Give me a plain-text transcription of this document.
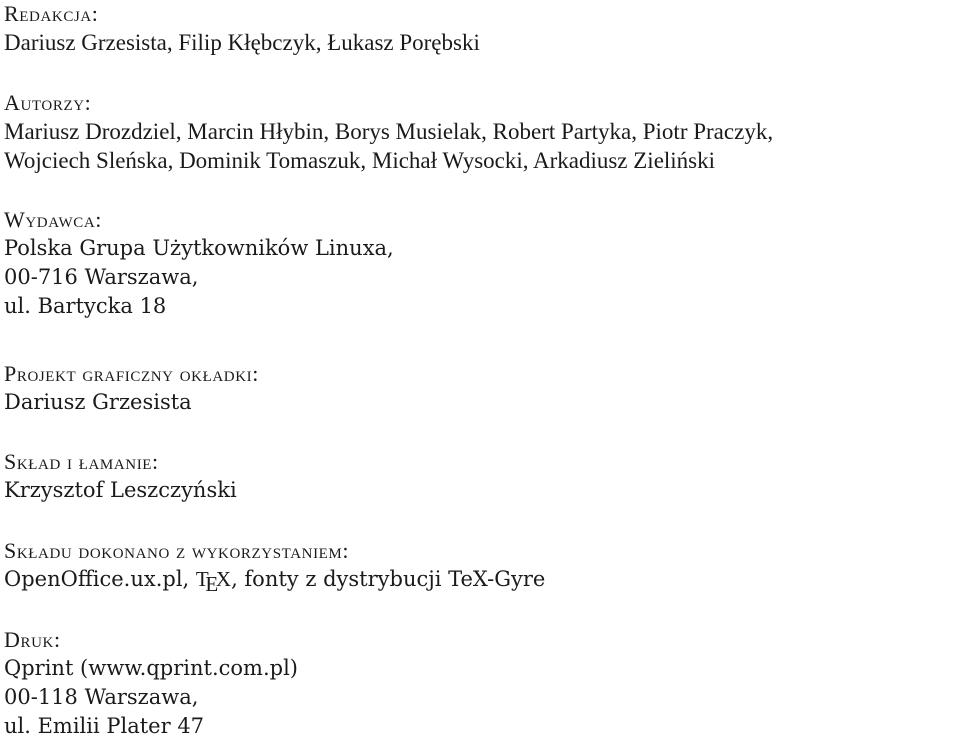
Redakcja:
Dariusz Grzesista, Filip Kłębczyk, Łukasz Porębski
Autorzy:
Mariusz Drozdziel, Marcin Hłybin, Borys Musielak, Robert Partyka, Piotr Praczyk,
Wojciech Sleńska, Dominik Tomaszuk, Michał Wysocki, Arkadiusz Zieliński
Wydawca:
Polska Grupa Użytkowników Linuxa,
00-716 Warszawa,
ul. Bartycka 18
Projekt graficzny okładki:
Dariusz Grzesista
Skład i łamanie:
Krzysztof Leszczyński
Składu dokonano z wykorzystaniem:
OpenOffice.ux.pl, TEX, fonty z dystrybucji TeX-Gyre
Druk:
Qprint (www.qprint.com.pl)
00-118 Warszawa,
ul. Emilii Plater 47
